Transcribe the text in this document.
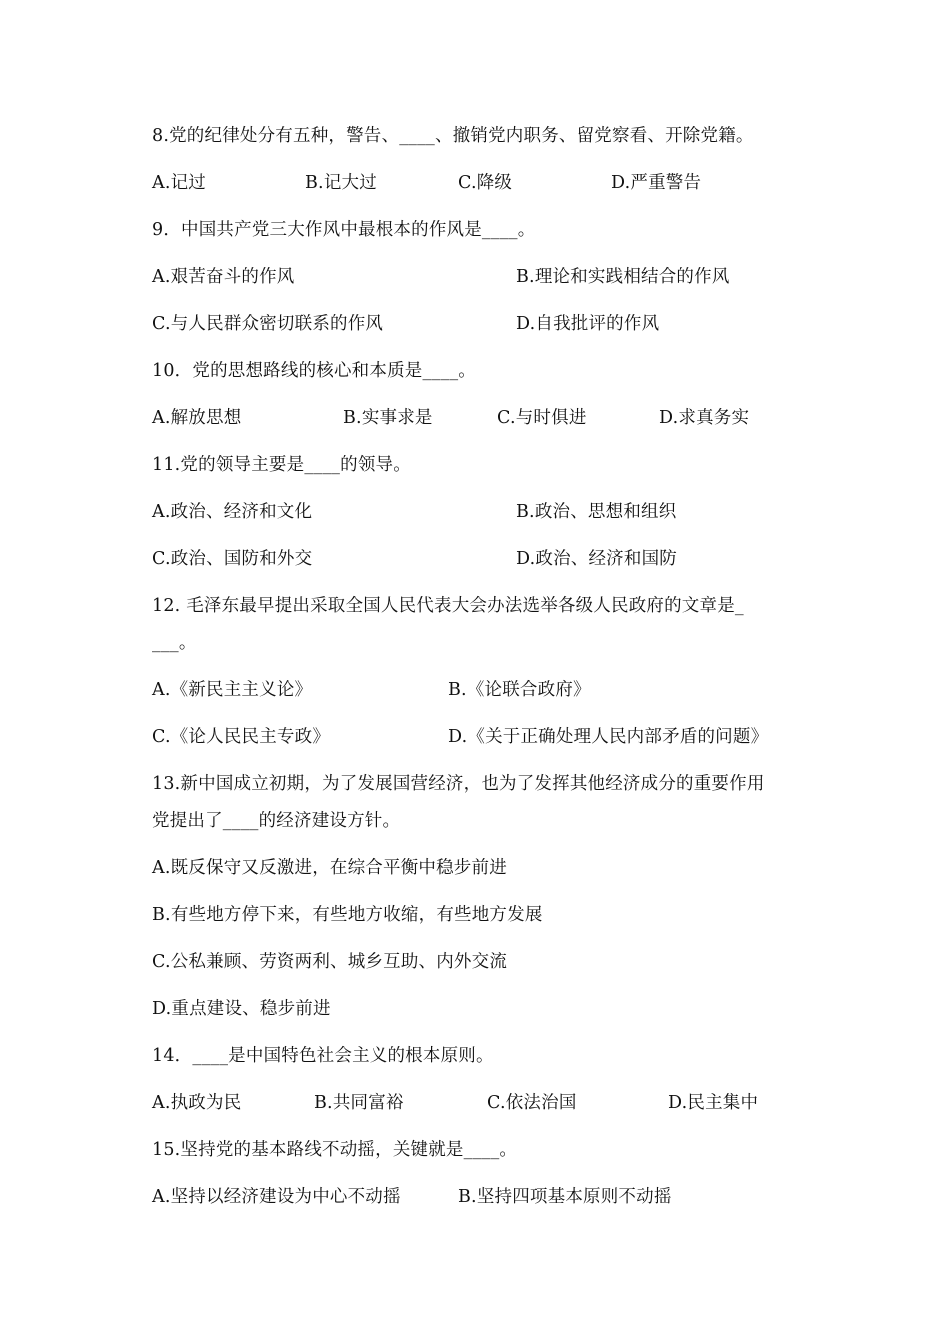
8.党的纪律处分有五种，警告、____、撤销党内职务、留党察看、开除党籍。
A.记过	B.记大过	C.降级	D.严重警告
9．中国共产党三大作风中最根本的作风是____。
A.艰苦奋斗的作风	B.理论和实践相结合的作风
C.与人民群众密切联系的作风	D.自我批评的作风
10．党的思想路线的核心和本质是____。
A.解放思想	B.实事求是	C.与时俱进	D.求真务实
11.党的领导主要是____的领导。
A.政治、经济和文化	B.政治、思想和组织
C.政治、国防和外交	D.政治、经济和国防
12. 毛泽东最早提出采取全国人民代表大会办法选举各级人民政府的文章是_
___。
A.《新民主主义论》	B.《论联合政府》
C.《论人民民主专政》	D.《关于正确处理人民内部矛盾的问题》
13.新中国成立初期，为了发展国营经济，也为了发挥其他经济成分的重要作用
党提出了____的经济建设方针。
A.既反保守又反激进，在综合平衡中稳步前进
B.有些地方停下来，有些地方收缩，有些地方发展
C.公私兼顾、劳资两利、城乡互助、内外交流
D.重点建设、稳步前进
14．____是中国特色社会主义的根本原则。
A.执政为民	B.共同富裕	C.依法治国	D.民主集中
15.坚持党的基本路线不动摇，关键就是____。
A.坚持以经济建设为中心不动摇	B.坚持四项基本原则不动摇
